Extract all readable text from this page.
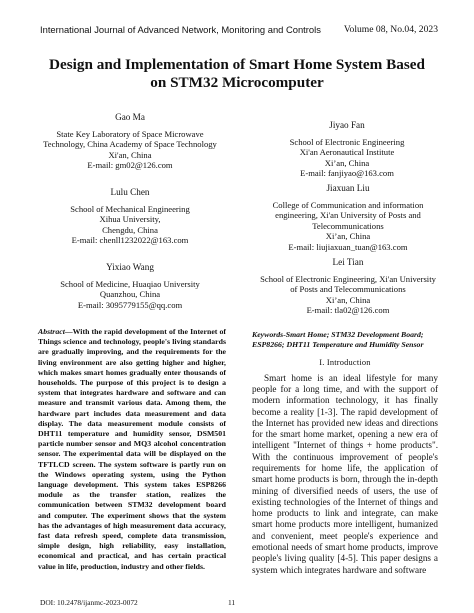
International Journal of Advanced Network, Monitoring and Controls Volume 08, No.04, 2023
Design and Implementation of Smart Home System Based
on STM32 Microcomputer
Gao Ma
State Key Laboratory of Space Microwave
Technology, China Academy of Space Technology
Xi'an, China
E-mail: gm02@126.com
Jiyao Fan
School of Electronic Engineering
Xi'an Aeronautical Institute
Xi’an, China
E-mail: fanjiyao@163.com
Lulu Chen
School of Mechanical Engineering
Xihua University,
Chengdu, China
E-mail: chenll1232022@163.com
Jiaxuan Liu
College of Communication and information
engineering, Xi'an University of Posts and
Telecommunications
Xi’an, China
E-mail: liujiaxuan_tuan@163.com
Yixiao Wang
School of Medicine, Huaqiao University
Quanzhou, China
E-mail: 3095779155@qq.com
Lei Tian
School of Electronic Engineering, Xi'an University
of Posts and Telecommunications
Xi’an, China
E-mail: tla02@126.com
Abstract—With the rapid development of the Internet of Things science and technology, people's living standards are gradually improving, and the requirements for the living environment are also getting higher and higher, which makes smart homes gradually enter thousands of households. The purpose of this project is to design a system that integrates hardware and software and can measure and transmit various data. Among them, the hardware part includes data measurement and data display. The data measurement module consists of DHT11 temperature and humidity sensor, DSM501 particle number sensor and MQ3 alcohol concentration sensor. The experimental data will be displayed on the TFTLCD screen. The system software is partly run on the Windows operating system, using the Python language development. This system takes ESP8266 module as the transfer station, realizes the communication between STM32 development board and computer. The experiment shows that the system has the advantages of high measurement data accuracy, fast data refresh speed, complete data transmission, simple design, high reliability, easy installation, economical and practical, and has certain practical value in life, production, industry and other fields.
Keywords-Smart Home; STM32 Development Board; ESP8266; DHT11 Temperature and Humidity Sensor
I. Introduction
Smart home is an ideal lifestyle for many people for a long time, and with the support of modern information technology, it has finally become a reality [1-3]. The rapid development of the Internet has provided new ideas and directions for the smart home market, opening a new era of intelligent "Internet of things + home products". With the continuous improvement of people's requirements for home life, the application of smart home products is born, through the in-depth mining of diversified needs of users, the use of existing technologies of the Internet of things and home products to link and integrate, can make smart home products more intelligent, humanized and convenient, meet people's experience and emotional needs of smart home products, improve people's living quality [4-5]. This paper designs a system which integrates hardware and software
DOI: 10.2478/ijanmc-2023-0072	11
